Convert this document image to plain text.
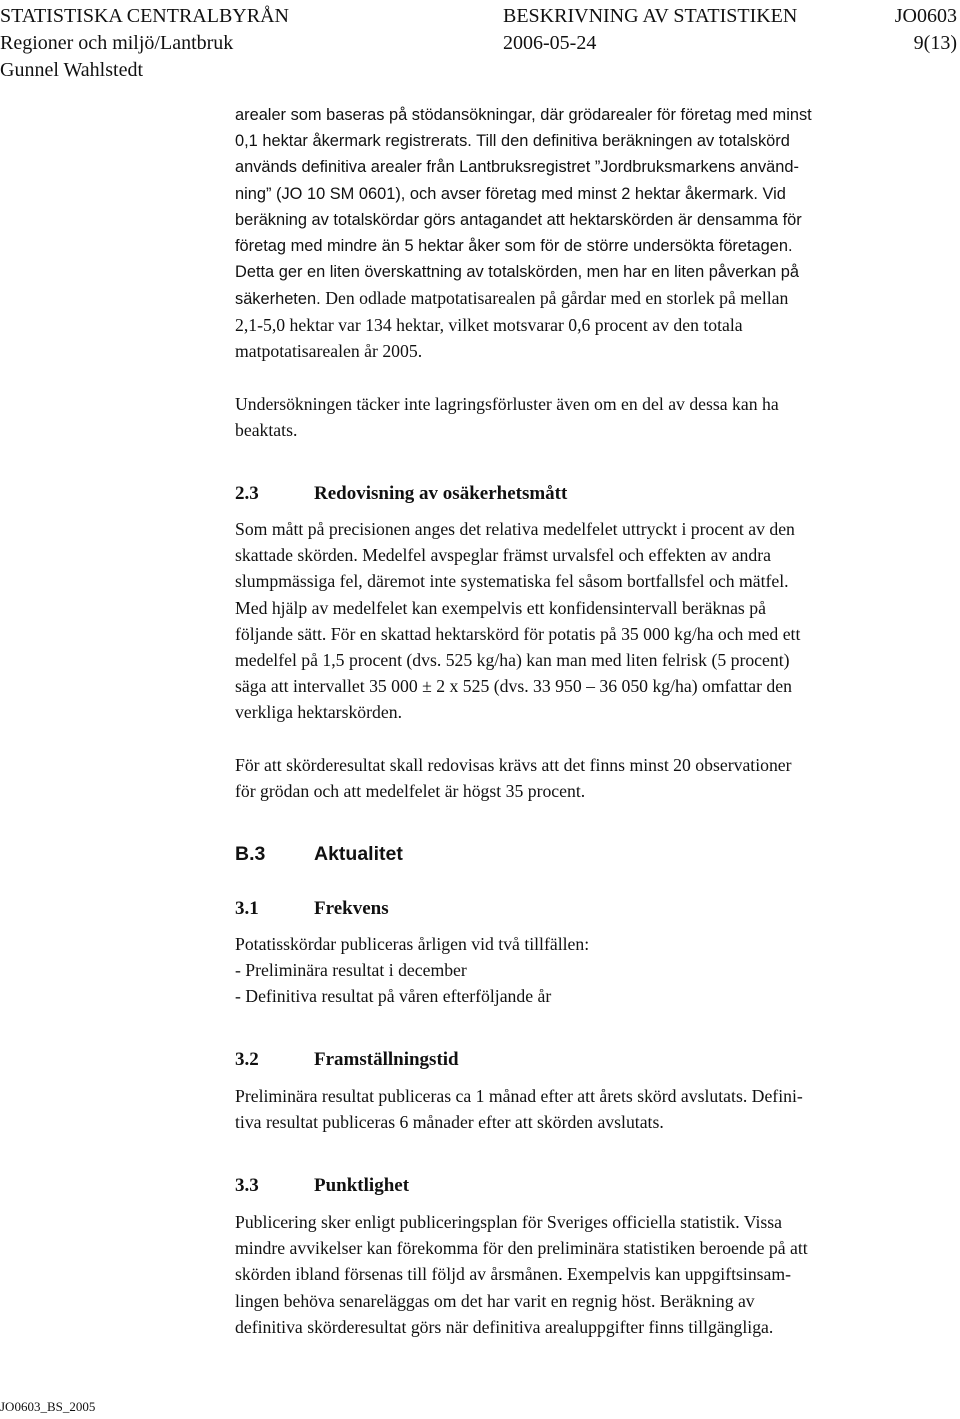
STATISTISKA CENTRALBYRÅN	BESKRIVNING AV STATISTIKEN	JO0603
Regioner och miljö/Lantbruk	2006-05-24	9(13)
Gunnel Wahlstedt
arealer som baseras på stödansökningar, där grödarealer för företag med minst
0,1 hektar åkermark registrerats. Till den definitiva beräkningen av totalskörd
används definitiva arealer från Lantbruksregistret ”Jordbruksmarkens använd-
ning” (JO 10 SM 0601), och avser företag med minst 2 hektar åkermark. Vid
beräkning av totalskördar görs antagandet att hektarskörden är densamma för
företag med mindre än 5 hektar åker som för de större undersökta företagen.
Detta ger en liten överskattning av totalskörden, men har en liten påverkan på
säkerheten. Den odlade matpotatisarealen på gårdar med en storlek på mellan
2,1-5,0 hektar var 134 hektar, vilket motsvarar 0,6 procent av den totala
matpotatisarealen år 2005.
Undersökningen täcker inte lagringsförluster även om en del av dessa kan ha
beaktats.
2.3	Redovisning av osäkerhetsmått
Som mått på precisionen anges det relativa medelfelet uttryckt i procent av den
skattade skörden. Medelfel avspeglar främst urvalsfel och effekten av andra
slumpmässiga fel, däremot inte systematiska fel såsom bortfallsfel och mätfel.
Med hjälp av medelfelet kan exempelvis ett konfidensintervall beräknas på
följande sätt. För en skattad hektarskörd för potatis på 35 000 kg/ha och med ett
medelfel på 1,5 procent (dvs. 525 kg/ha) kan man med liten felrisk (5 procent)
säga att intervallet 35 000 ± 2 x 525 (dvs. 33 950 – 36 050 kg/ha) omfattar den
verkliga hektarskörden.
För att skörderesultat skall redovisas krävs att det finns minst 20 observationer
för grödan och att medelfelet är högst 35 procent.
B.3 Aktualitet
3.1	Frekvens
Potatisskördar publiceras årligen vid två tillfällen:
- Preliminära resultat i december
- Definitiva resultat på våren efterföljande år
3.2	Framställningstid
Preliminära resultat publiceras ca 1 månad efter att årets skörd avslutats. Defini-
tiva resultat publiceras 6 månader efter att skörden avslutats.
3.3	Punktlighet
Publicering sker enligt publiceringsplan för Sveriges officiella statistik. Vissa
mindre avvikelser kan förekomma för den preliminära statistiken beroende på att
skörden ibland försenas till följd av årsmånen. Exempelvis kan uppgiftsinsam-
lingen behöva senareläggas om det har varit en regnig höst. Beräkning av
definitiva skörderesultat görs när definitiva arealuppgifter finns tillgängliga.
JO0603_BS_2005
